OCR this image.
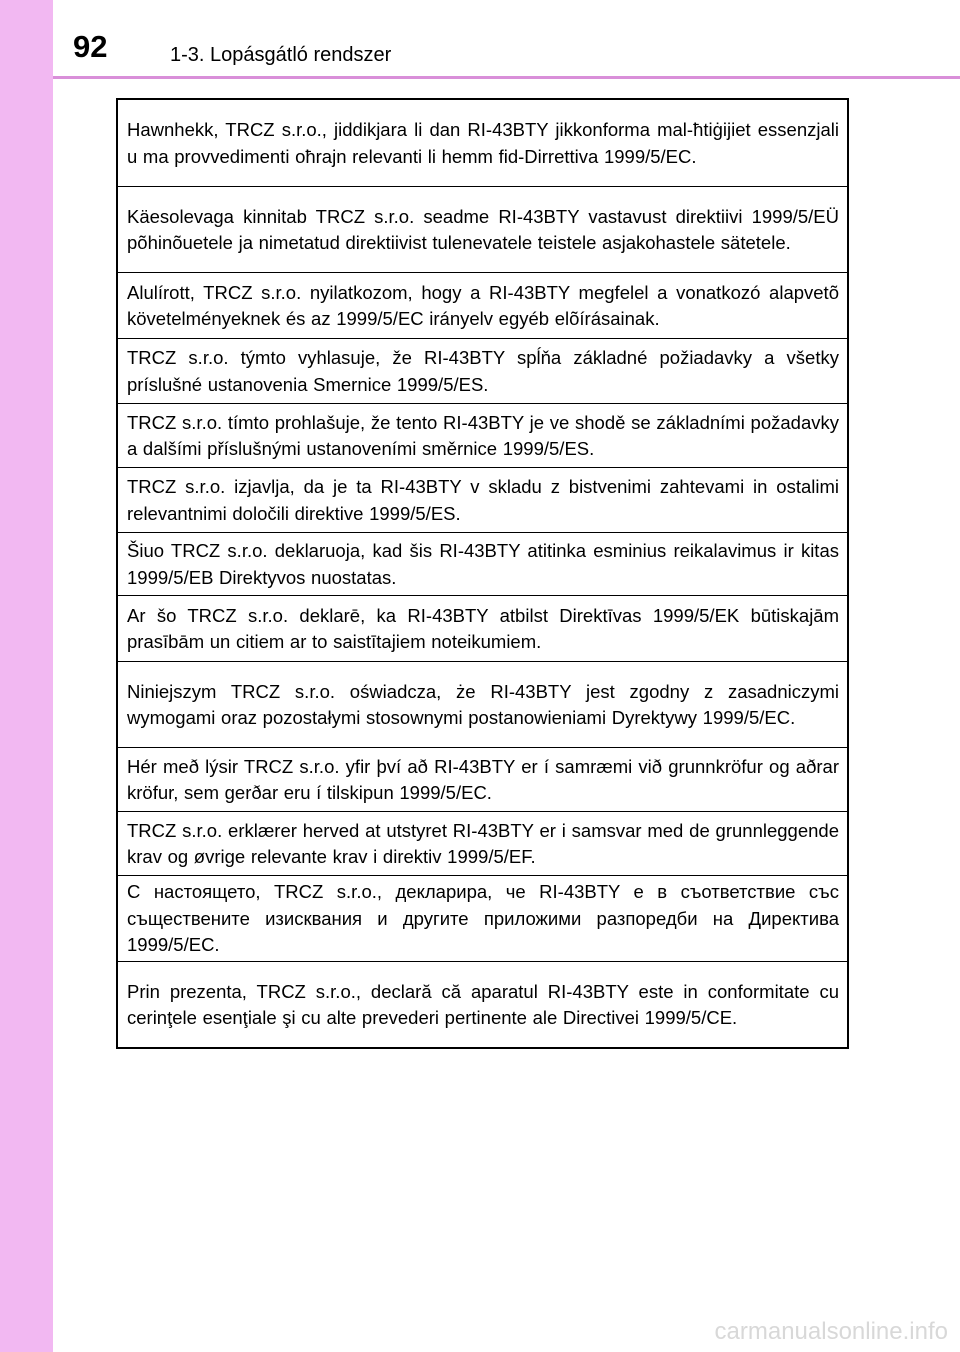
92	1-3. Lopásgátló rendszer
Hawnhekk, TRCZ s.r.o., jiddikjara li dan RI-43BTY jikkonforma mal-ħtiġijiet essenzjali u ma provvedimenti oħrajn relevanti li hemm fid-Dirrettiva 1999/5/EC.
Käesolevaga kinnitab TRCZ s.r.o. seadme RI-43BTY vastavust direktiivi 1999/5/EÜ põhinõuetele ja nimetatud direktiivist tulenevatele teistele asjakohastele sätetele.
Alulírott, TRCZ s.r.o. nyilatkozom, hogy a RI-43BTY megfelel a vonatkozó alapvetõ követelményeknek és az 1999/5/EC irányelv egyéb elõírásainak.
TRCZ s.r.o. týmto vyhlasuje, že RI-43BTY spĺňa základné požiadavky a všetky príslušné ustanovenia Smernice 1999/5/ES.
TRCZ s.r.o. tímto prohlašuje, že tento RI-43BTY je ve shodě se základními požadavky a dalšími příslušnými ustanoveními směrnice 1999/5/ES.
TRCZ s.r.o. izjavlja, da je ta RI-43BTY v skladu z bistvenimi zahtevami in ostalimi relevantnimi določili direktive 1999/5/ES.
Šiuo TRCZ s.r.o. deklaruoja, kad šis RI-43BTY atitinka esminius reikalavimus ir kitas 1999/5/EB Direktyvos nuostatas.
Ar šo TRCZ s.r.o. deklarē, ka RI-43BTY atbilst Direktīvas 1999/5/EK būtiskajām prasībām un citiem ar to saistītajiem noteikumiem.
Niniejszym TRCZ s.r.o. oświadcza, że RI-43BTY jest zgodny z zasadniczymi wymogami oraz pozostałymi stosownymi postanowieniami Dyrektywy 1999/5/EC.
Hér með lýsir TRCZ s.r.o. yfir því að RI-43BTY er í samræmi við grunnkröfur og aðrar kröfur, sem gerðar eru í tilskipun 1999/5/EC.
TRCZ s.r.o. erklærer herved at utstyret RI-43BTY er i samsvar med de grunnleggende krav og øvrige relevante krav i direktiv 1999/5/EF.
С настоящето, TRCZ s.r.o., декларира, че RI-43BTY е в съответствие със съществените изисквания и другите приложими разпоредби на Директива 1999/5/EC.
Prin prezenta, TRCZ s.r.o., declară că aparatul RI-43BTY este in conformitate cu cerinţele esenţiale şi cu alte prevederi pertinente ale Directivei 1999/5/CE.
carmanualsonline.info
